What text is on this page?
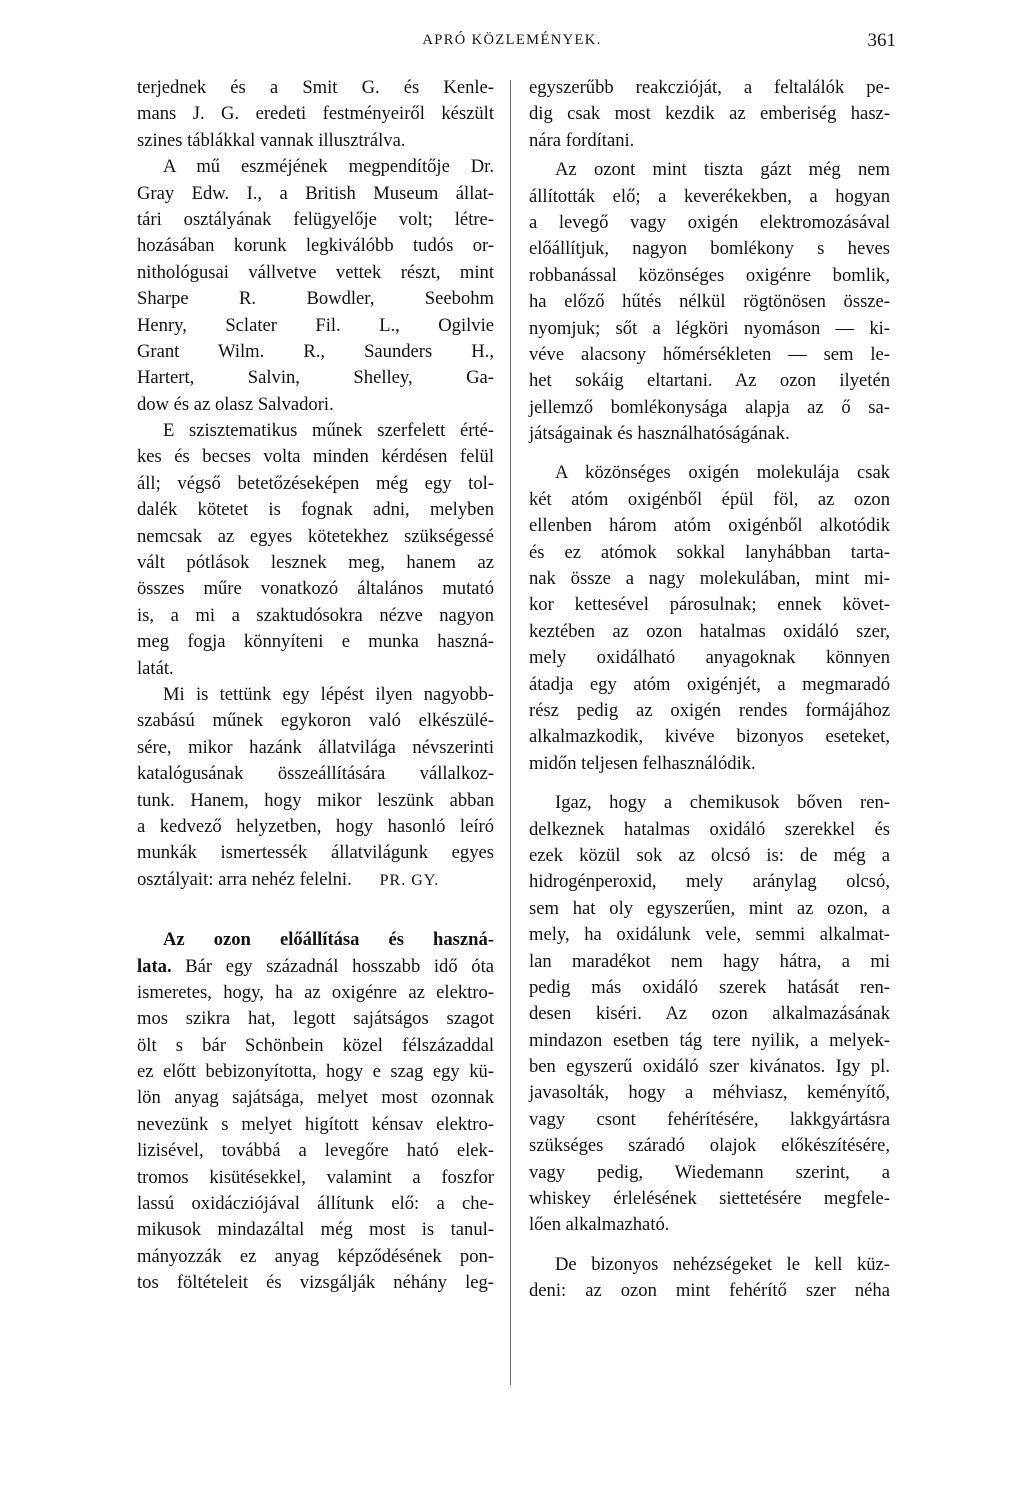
APRÓ KÖZLEMÉNYEK.	361
terjednek és a Smit G. és Kenle-
mans J. G. eredeti festményeiről készült
szines táblákkal vannak illusztrálva.
A mű eszméjének megpendítője Dr.
Gray Edw. I., a British Museum állat-
tári osztályának felügyelője volt; létre-
hozásában korunk legkiválóbb tudós or-
nithológusai vállvetve vettek részt, mint
Sharpe R. Bowdler, Seebohm
Henry, Sclater Fil. L., Ogilvie
Grant Wilm. R., Saunders H.,
Hartert, Salvin, Shelley, Ga-
dow és az olasz Salvadori.
E szisztematikus műnek szerfelett érté-
kes és becses volta minden kérdésen felül
áll; végső betetőzéseképen még egy tol-
dalék kötetet is fognak adni, melyben
nemcsak az egyes kötetekhez szükségessé
vált pótlások lesznek meg, hanem az
összes műre vonatkozó általános mutató
is, a mi a szaktudósokra nézve nagyon
meg fogja könnyíteni e munka haszná-
latát.
Mi is tettünk egy lépést ilyen nagyobb-
szabású műnek egykoron való elkészülé-
sére, mikor hazánk állatvilága névszerinti
katalógusának összeállítására vállalkoz-
tunk. Hanem, hogy mikor leszünk abban
a kedvező helyzetben, hogy hasonló leíró
munkák ismertessék állatvilágunk egyes
osztályait: arra nehéz felelni. PR. GY.
Az ozon előállítása és haszná-
lata. Bár egy századnál hosszabb idő óta
ismeretes, hogy, ha az oxigénre az elektro-
mos szikra hat, legott sajátságos szagot
ölt s bár Schönbein közel félszázaddal
ez előtt bebizonyította, hogy e szag egy kü-
lön anyag sajátsága, melyet most ozonnak
nevezünk s melyet higított kénsav elektro-
lizisével, továbbá a levegőre ható elek-
tromos kisütésekkel, valamint a foszfor
lassú oxidácziójával állítunk elő: a che-
mikusok mindazáltal még most is tanul-
mányozzák ez anyag képződésének pon-
tos föltételeit és vizsgálják néhány leg-
egyszerűbb reakczióját, a feltalálók pe-
dig csak most kezdik az emberiség hasz-
nára fordítani.
Az ozont mint tiszta gázt még nem
állították elő; a keverékekben, a hogyan
a levegő vagy oxigén elektromozásával
előállítjuk, nagyon bomlékony s heves
robbanással közönséges oxigénre bomlik,
ha előző hűtés nélkül rögtönösen össze-
nyomjuk; sőt a légköri nyomáson — ki-
véve alacsony hőmérsékleten — sem le-
het sokáig eltartani. Az ozon ilyetén
jellemző bomlékonysága alapja az ő sa-
játságainak és használhatóságának.
A közönséges oxigén molekulája csak
két atóm oxigénből épül föl, az ozon
ellenben három atóm oxigénből alkotódik
és ez atómok sokkal lanyhábban tarta-
nak össze a nagy molekulában, mint mi-
kor kettesével párosulnak; ennek követ-
keztében az ozon hatalmas oxidáló szer,
mely oxidálható anyagoknak könnyen
átadja egy atóm oxigénjét, a megmaradó
rész pedig az oxigén rendes formájához
alkalmazkodik, kivéve bizonyos eseteket,
midőn teljesen felhasználódik.
Igaz, hogy a chemikusok bőven ren-
delkeznek hatalmas oxidáló szerekkel és
ezek közül sok az olcsó is: de még a
hidrogénperoxid, mely aránylag olcsó,
sem hat oly egyszerűen, mint az ozon, a
mely, ha oxidálunk vele, semmi alkalmat-
lan maradékot nem hagy hátra, a mi
pedig más oxidáló szerek hatását ren-
desen kiséri. Az ozon alkalmazásának
mindazon esetben tág tere nyilik, a melyek-
ben egyszerű oxidáló szer kivánatos. Igy pl.
javasolták, hogy a méhviasz, keményítő,
vagy csont fehérítésére, lakkgyártásra
szükséges száradó olajok előkészítésére,
vagy pedig, Wiedemann szerint, a
whiskey érlelésének siettetésére megfele-
lően alkalmazható.
De bizonyos nehézségeket le kell küz-
deni: az ozon mint fehérítő szer néha
